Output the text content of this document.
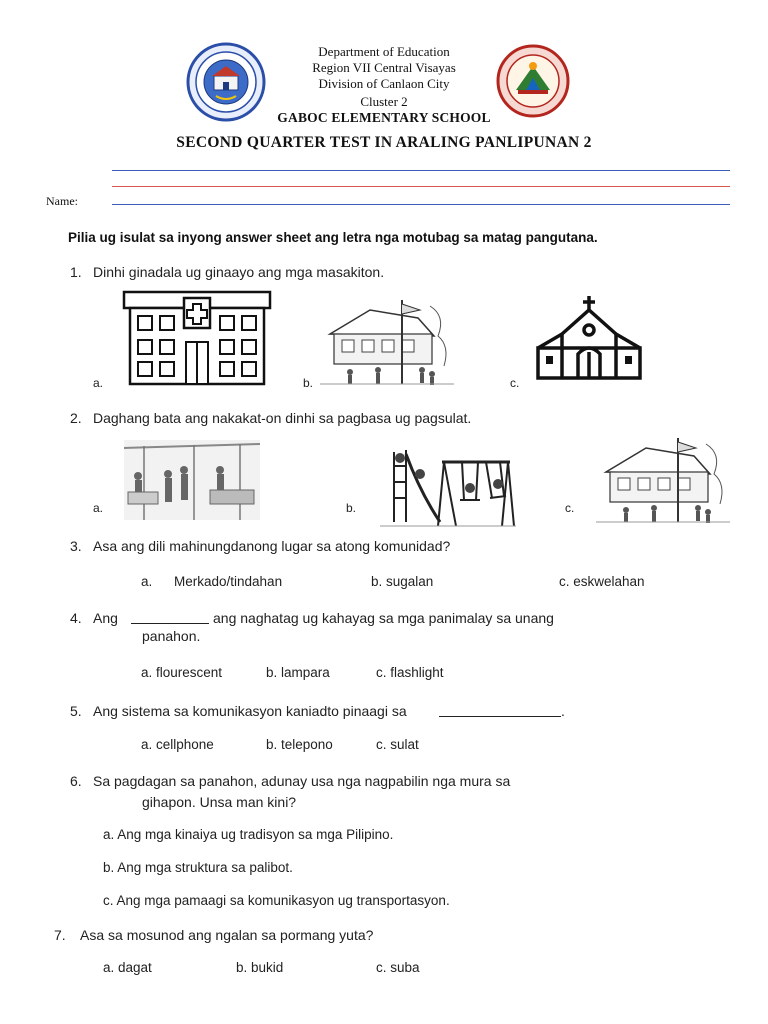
Department of Education
Region VII Central Visayas
Division of Canlaon City
Cluster 2
GABOC ELEMENTARY SCHOOL
SECOND QUARTER TEST IN ARALING PANLIPUNAN 2
Name:
Pilia ug isulat sa inyong answer sheet ang letra nga motubag sa matag pangutana.
1. Dinhi ginadala ug ginaayo ang mga masakiton.
a.	b.	c.
2. Daghang bata ang nakakat-on dinhi sa pagbasa ug pagsulat.
a.	b.	c.
3. Asa ang dili mahinungdanong lugar sa atong komunidad?
a. Merkado/tindahan	b. sugalan	c. eskwelahan
4. Ang	ang naghatag ug kahayag sa mga panimalay sa unang
panahon.
a. flourescent	b. lampara	c. flashlight
5. Ang sistema sa komunikasyon kaniadto pinaagi sa	.
a. cellphone	b. telepono	c. sulat
6. Sa pagdagan sa panahon, adunay usa nga nagpabilin nga mura sa
gihapon. Unsa man kini?
a. Ang mga kinaiya ug tradisyon sa mga Pilipino.
b. Ang mga struktura sa palibot.
c. Ang mga pamaagi sa komunikasyon ug transportasyon.
7. Asa sa mosunod ang ngalan sa pormang yuta?
a. dagat	b. bukid	c. suba
